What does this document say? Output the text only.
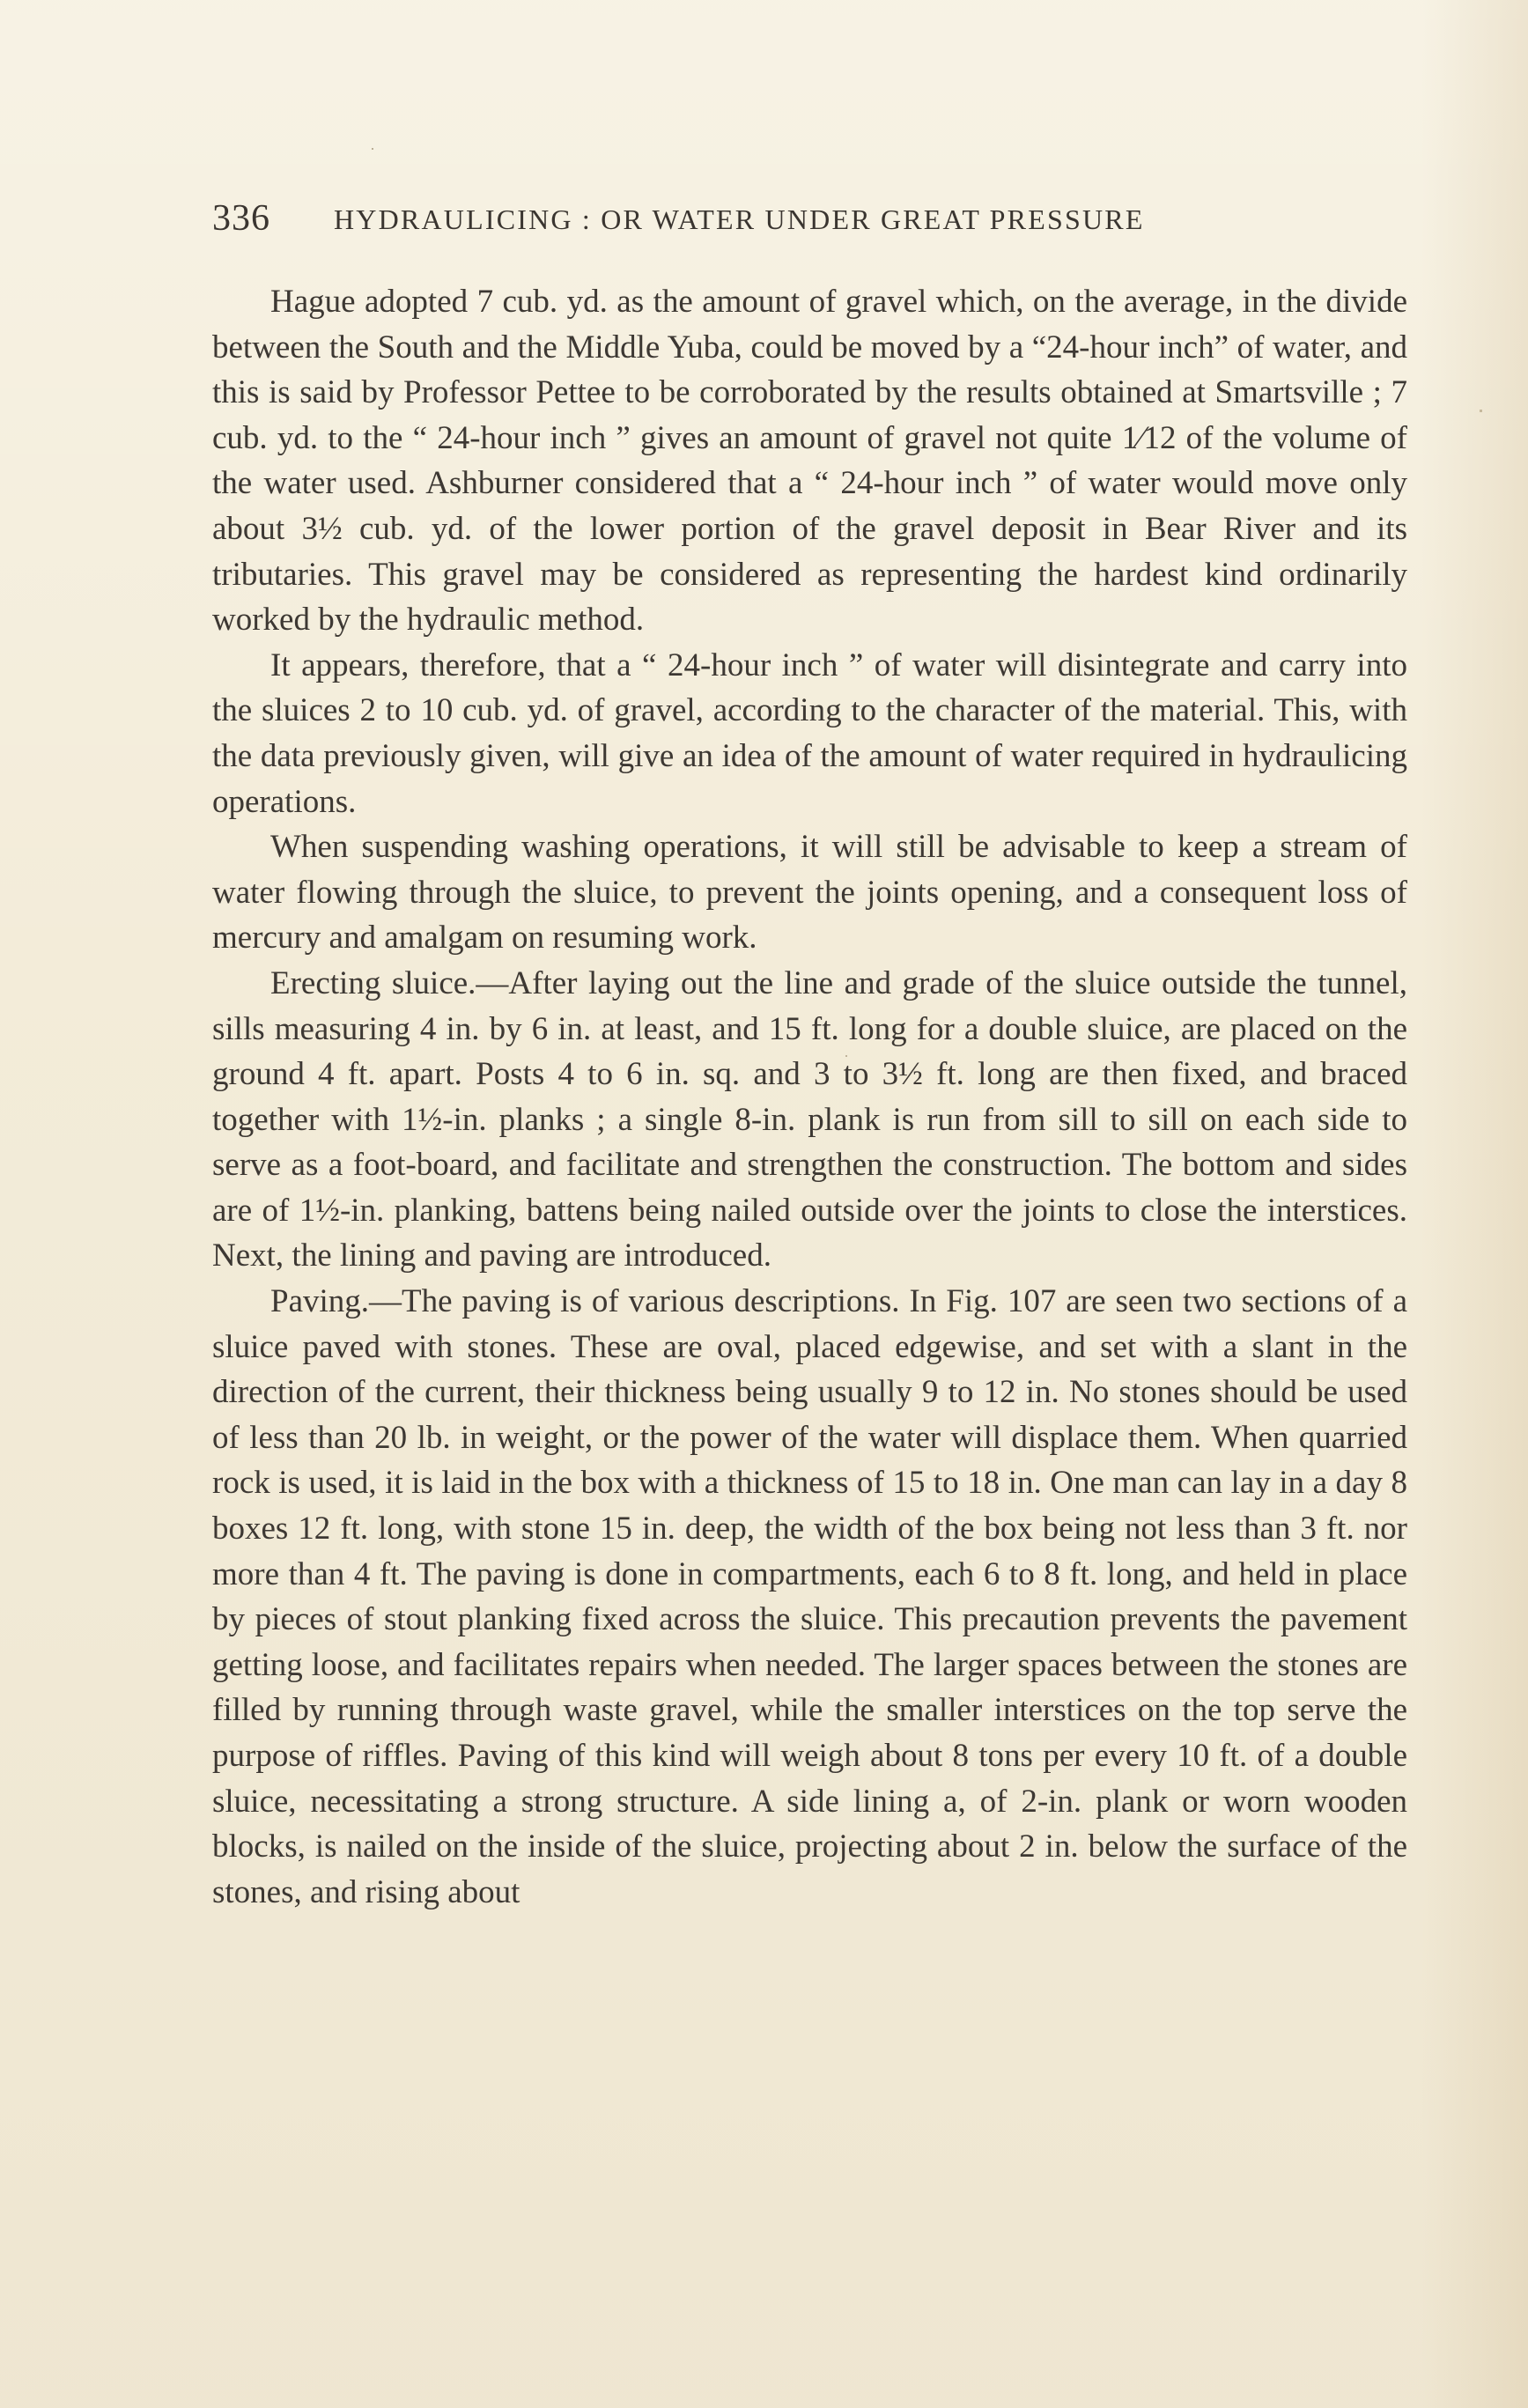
336 HYDRAULICING : OR WATER UNDER GREAT PRESSURE

Hague adopted 7 cub. yd. as the amount of gravel which, on the average, in the divide between the South and the Middle Yuba, could be moved by a “24-hour inch” of water, and this is said by Professor Pettee to be corroborated by the results obtained at Smartsville ; 7 cub. yd. to the “ 24-hour inch ” gives an amount of gravel not quite 1⁄12 of the volume of the water used. Ashburner considered that a “ 24-hour inch ” of water would move only about 3½ cub. yd. of the lower portion of the gravel deposit in Bear River and its tributaries. This gravel may be considered as representing the hardest kind ordinarily worked by the hydraulic method.

It appears, therefore, that a “ 24-hour inch ” of water will disintegrate and carry into the sluices 2 to 10 cub. yd. of gravel, according to the character of the material. This, with the data previously given, will give an idea of the amount of water required in hydraulicing operations.

When suspending washing operations, it will still be advisable to keep a stream of water flowing through the sluice, to prevent the joints opening, and a consequent loss of mercury and amalgam on resuming work.

Erecting sluice.—After laying out the line and grade of the sluice outside the tunnel, sills measuring 4 in. by 6 in. at least, and 15 ft. long for a double sluice, are placed on the ground 4 ft. apart. Posts 4 to 6 in. sq. and 3 to 3½ ft. long are then fixed, and braced together with 1½-in. planks ; a single 8-in. plank is run from sill to sill on each side to serve as a foot-board, and facilitate and strengthen the construction. The bottom and sides are of 1½-in. planking, battens being nailed outside over the joints to close the interstices. Next, the lining and paving are introduced.

Paving.—The paving is of various descriptions. In Fig. 107 are seen two sections of a sluice paved with stones. These are oval, placed edgewise, and set with a slant in the direction of the current, their thickness being usually 9 to 12 in. No stones should be used of less than 20 lb. in weight, or the power of the water will displace them. When quarried rock is used, it is laid in the box with a thickness of 15 to 18 in. One man can lay in a day 8 boxes 12 ft. long, with stone 15 in. deep, the width of the box being not less than 3 ft. nor more than 4 ft. The paving is done in compartments, each 6 to 8 ft. long, and held in place by pieces of stout planking fixed across the sluice. This precaution prevents the pavement getting loose, and facilitates repairs when needed. The larger spaces between the stones are filled by running through waste gravel, while the smaller interstices on the top serve the purpose of riffles. Paving of this kind will weigh about 8 tons per every 10 ft. of a double sluice, necessitating a strong structure. A side lining a, of 2-in. plank or worn wooden blocks, is nailed on the inside of the sluice, projecting about 2 in. below the surface of the stones, and rising about
